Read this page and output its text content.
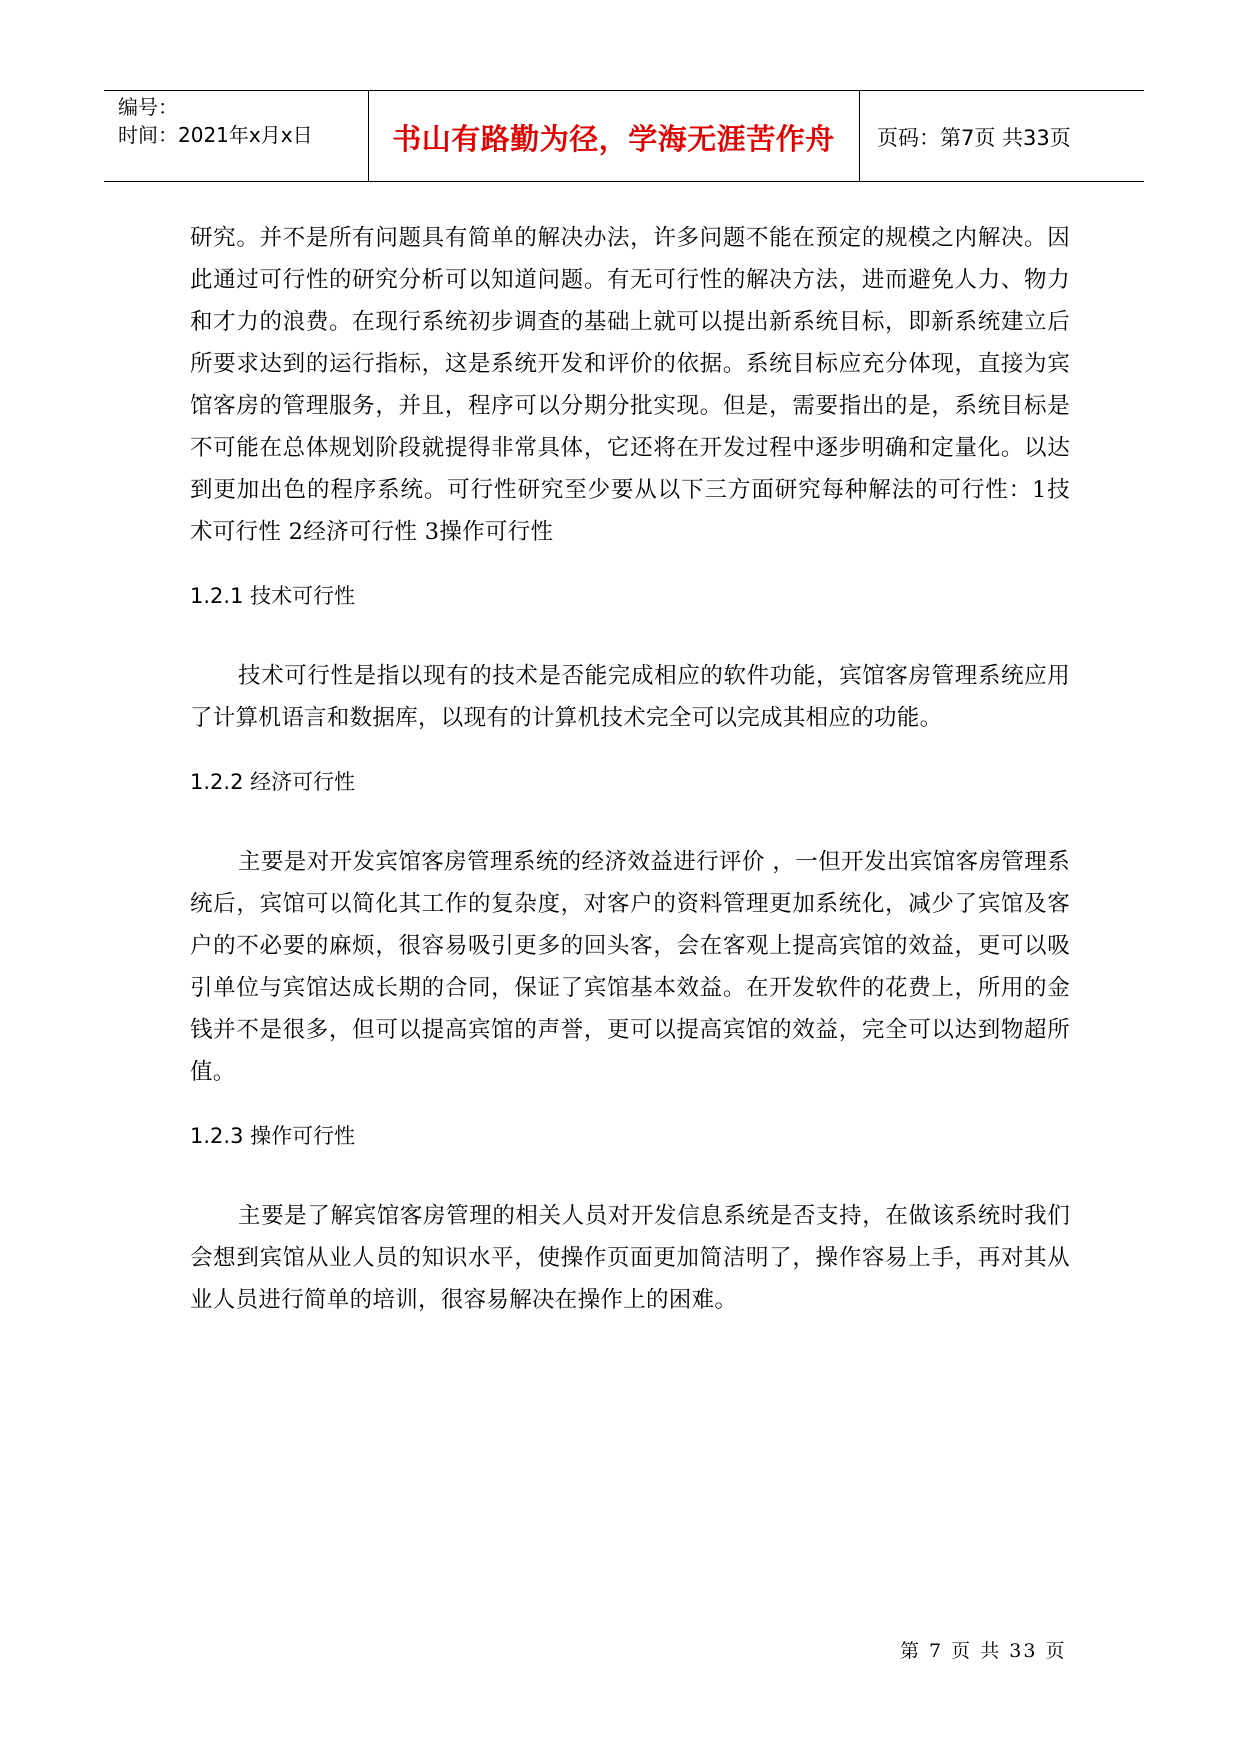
编号：
时间：2021年x月x日	书山有路勤为径，学海无涯苦作舟	页码：第7页 共33页

研究。并不是所有问题具有简单的解决办法，许多问题不能在预定的规模之内解决。因此通过可行性的研究分析可以知道问题。有无可行性的解决方法，进而避免人力、物力和才力的浪费。在现行系统初步调查的基础上就可以提出新系统目标，即新系统建立后所要求达到的运行指标，这是系统开发和评价的依据。系统目标应充分体现，直接为宾馆客房的管理服务，并且，程序可以分期分批实现。但是，需要指出的是，系统目标是不可能在总体规划阶段就提得非常具体，它还将在开发过程中逐步明确和定量化。以达到更加出色的程序系统。可行性研究至少要从以下三方面研究每种解法的可行性：1技术可行性 2经济可行性 3操作可行性

1.2.1 技术可行性

技术可行性是指以现有的技术是否能完成相应的软件功能，宾馆客房管理系统应用了计算机语言和数据库，以现有的计算机技术完全可以完成其相应的功能。

1.2.2 经济可行性

主要是对开发宾馆客房管理系统的经济效益进行评价 ，一但开发出宾馆客房管理系统后，宾馆可以简化其工作的复杂度，对客户的资料管理更加系统化，减少了宾馆及客户的不必要的麻烦，很容易吸引更多的回头客，会在客观上提高宾馆的效益，更可以吸引单位与宾馆达成长期的合同，保证了宾馆基本效益。在开发软件的花费上，所用的金钱并不是很多，但可以提高宾馆的声誉，更可以提高宾馆的效益，完全可以达到物超所值。

1.2.3 操作可行性

主要是了解宾馆客房管理的相关人员对开发信息系统是否支持，在做该系统时我们会想到宾馆从业人员的知识水平，使操作页面更加简洁明了，操作容易上手，再对其从业人员进行简单的培训，很容易解决在操作上的困难。

第 7 页 共 33 页
